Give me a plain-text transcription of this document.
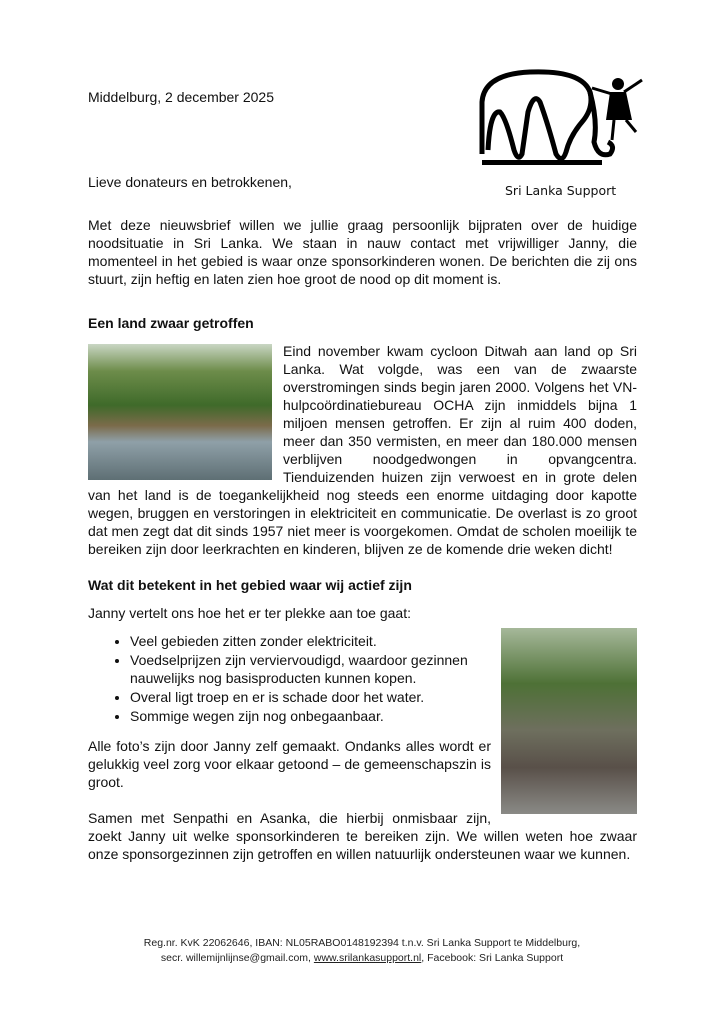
Middelburg, 2 december 2025
Sri Lanka Support
Lieve donateurs en betrokkenen,

Met deze nieuwsbrief willen we jullie graag persoonlijk bijpraten over de huidige noodsituatie in Sri Lanka. We staan in nauw contact met vrijwilliger Janny, die momenteel in het gebied is waar onze sponsorkinderen wonen. De berichten die zij ons stuurt, zijn heftig en laten zien hoe groot de nood op dit moment is.

Een land zwaar getroffen

Eind november kwam cycloon Ditwah aan land op Sri Lanka. Wat volgde, was een van de zwaarste overstromingen sinds begin jaren 2000. Volgens het VN-hulpcoördinatiebureau OCHA zijn inmiddels bijna 1 miljoen mensen getroffen. Er zijn al ruim 400 doden, meer dan 350 vermisten, en meer dan 180.000 mensen verblijven noodgedwongen in opvangcentra. Tienduizenden huizen zijn verwoest en in grote delen van het land is de toegankelijkheid nog steeds een enorme uitdaging door kapotte wegen, bruggen en verstoringen in elektriciteit en communicatie. De overlast is zo groot dat men zegt dat dit sinds 1957 niet meer is voorgekomen. Omdat de scholen moeilijk te bereiken zijn door leerkrachten en kinderen, blijven ze de komende drie weken dicht!

Wat dit betekent in het gebied waar wij actief zijn

Janny vertelt ons hoe het er ter plekke aan toe gaat:

• Veel gebieden zitten zonder elektriciteit.
• Voedselprijzen zijn verviervoudigd, waardoor gezinnen nauwelijks nog basisproducten kunnen kopen.
• Overal ligt troep en er is schade door het water.
• Sommige wegen zijn nog onbegaanbaar.

Alle foto’s zijn door Janny zelf gemaakt. Ondanks alles wordt er gelukkig veel zorg voor elkaar getoond – de gemeenschapszin is groot.

Samen met Senpathi en Asanka, die hierbij onmisbaar zijn, zoekt Janny uit welke sponsorkinderen te bereiken zijn. We willen weten hoe zwaar onze sponsorgezinnen zijn getroffen en willen natuurlijk ondersteunen waar we kunnen.

Reg.nr. KvK 22062646, IBAN: NL05RABO0148192394 t.n.v. Sri Lanka Support te Middelburg,
secr. willemijnlijnse@gmail.com, www.srilankasupport.nl, Facebook: Sri Lanka Support
